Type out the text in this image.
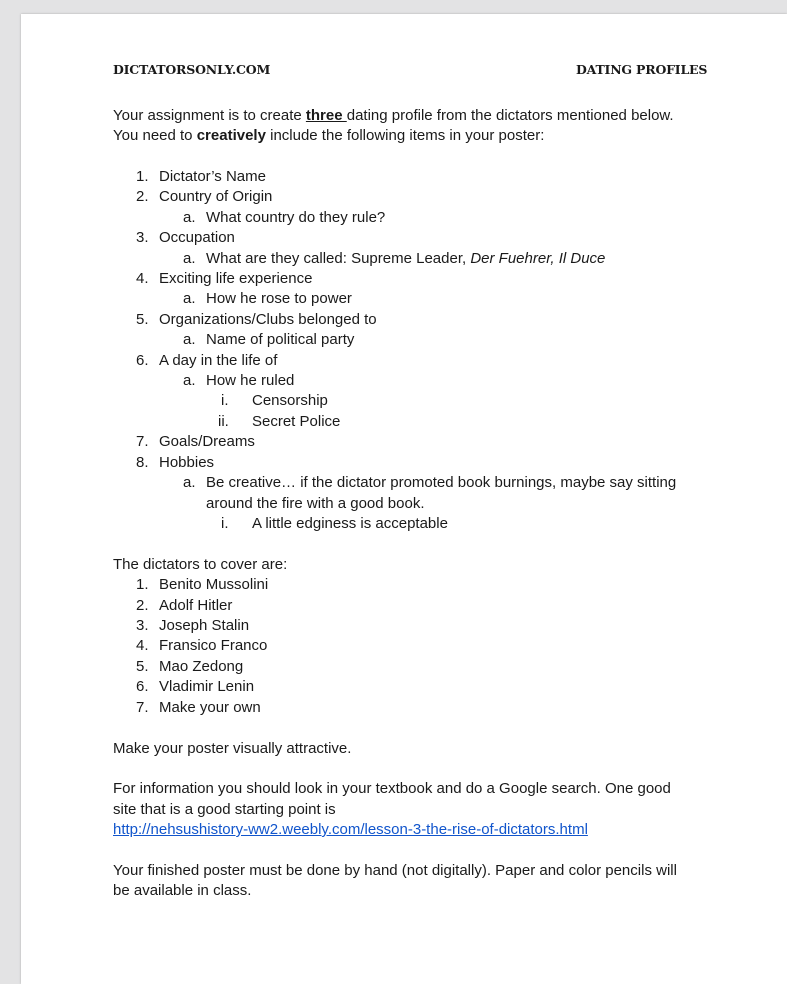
DICTATORSONLY.COM	DATING PROFILES
Your assignment is to create three dating profile from the dictators mentioned below.
You need to creatively include the following items in your poster:
1. Dictator’s Name
2. Country of Origin
a. What country do they rule?
3. Occupation
a. What are they called: Supreme Leader, Der Fuehrer, Il Duce
4. Exciting life experience
a. How he rose to power
5. Organizations/Clubs belonged to
a. Name of political party
6. A day in the life of
a. How he ruled
i. Censorship
ii. Secret Police
7. Goals/Dreams
8. Hobbies
a. Be creative… if the dictator promoted book burnings, maybe say sitting
around the fire with a good book.
i. A little edginess is acceptable
The dictators to cover are:
1. Benito Mussolini
2. Adolf Hitler
3. Joseph Stalin
4. Fransico Franco
5. Mao Zedong
6. Vladimir Lenin
7. Make your own
Make your poster visually attractive.
For information you should look in your textbook and do a Google search. One good
site that is a good starting point is
http://nehsushistory-ww2.weebly.com/lesson-3-the-rise-of-dictators.html
Your finished poster must be done by hand (not digitally). Paper and color pencils will
be available in class.
